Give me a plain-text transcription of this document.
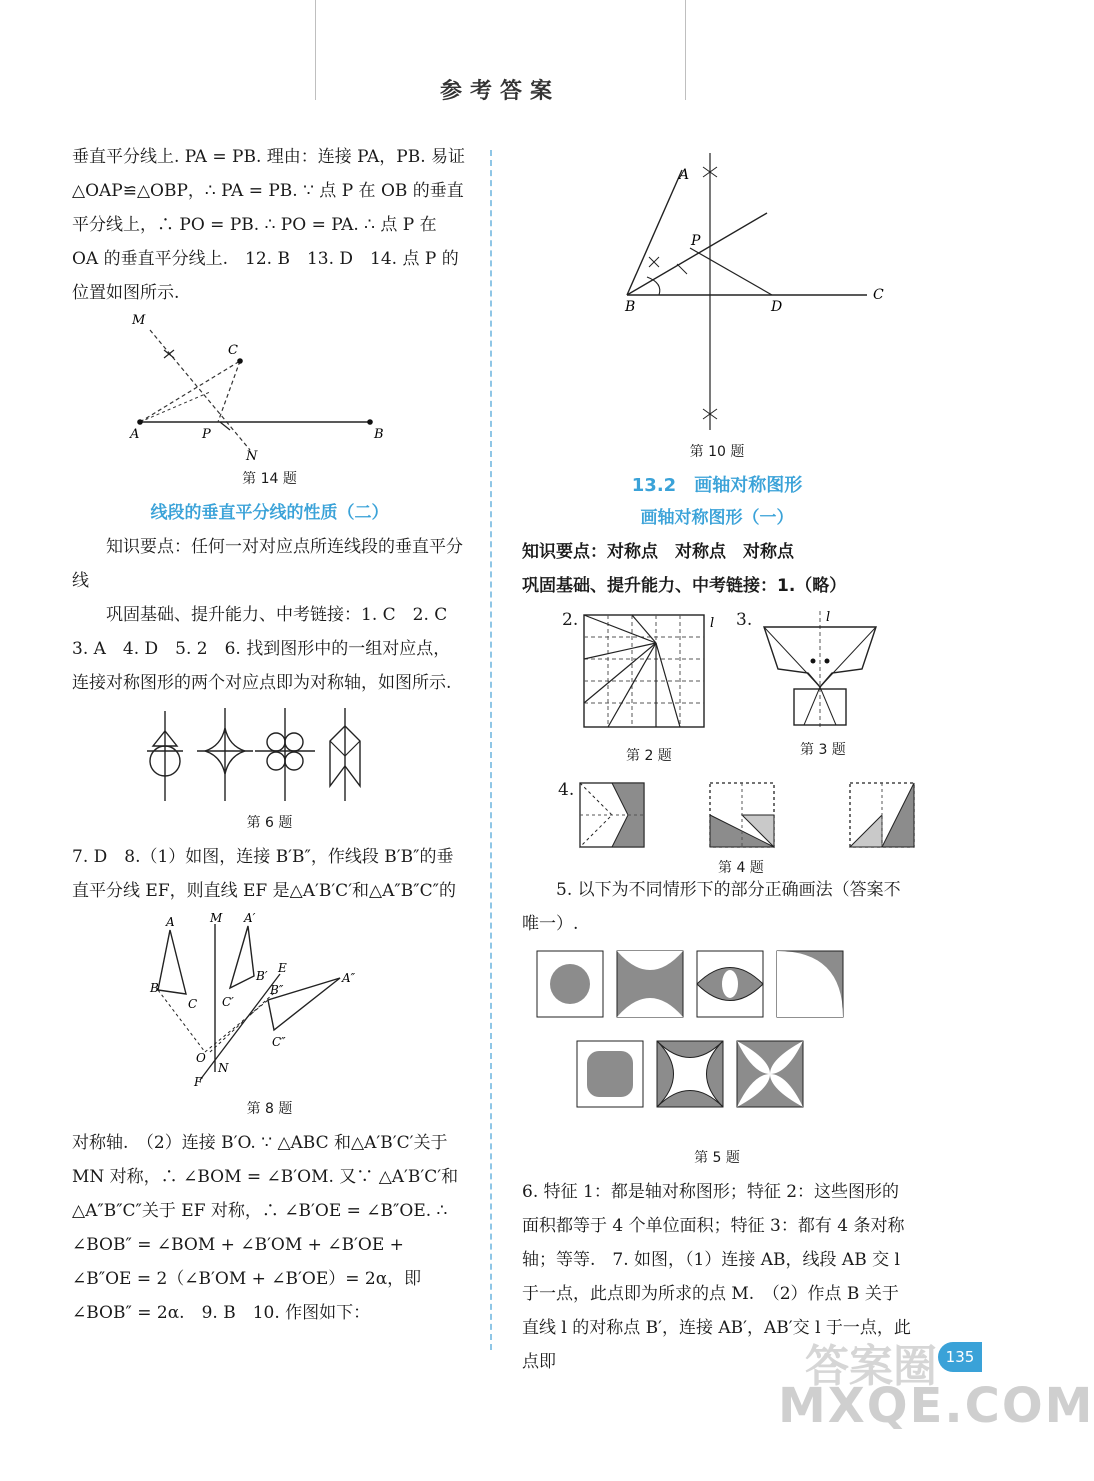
参考答案

垂直平分线上. PA = PB. 理由：连接 PA，PB. 易证 △OAP≌△OBP，∴ PA = PB. ∵ 点 P 在 OB 的垂直平分线上，∴ PO = PB. ∴ PO = PA. ∴ 点 P 在 OA 的垂直平分线上.　12. B　13. D　14. 点 P 的位置如图所示.

M
C
A	P	B
N

第 14 题

线段的垂直平分线的性质（二）

知识要点：任何一对对应点所连线段的垂直平分线

巩固基础、提升能力、中考链接：1. C　2. C

3. A　4. D　5. 2　6. 找到图形中的一组对应点，连接对称图形的两个对应点即为对称轴，如图所示.

第 6 题

7. D　8.（1）如图，连接 B′B″，作线段 B′B″的垂直平分线 EF，则直线 EF 是△A′B′C′和△A″B″C″的

A	M A′
E
B′
B″
A″
B
C C′
C″
O
N
F

第 8 题

对称轴.　（2）连接 B′O. ∵ △ABC 和△A′B′C′关于 MN 对称，∴ ∠BOM = ∠B′OM. 又∵ △A′B′C′和△A″B″C″关于 EF 对称，∴ ∠B′OE = ∠B″OE. ∴ ∠BOB″ = ∠BOM + ∠B′OM + ∠B′OE + ∠B″OE = 2（∠B′OM + ∠B′OE）= 2α，即∠BOB″ = 2α.　9. B　10. 作图如下：

A
P
B	D
C

第 10 题

13.2　画轴对称图形

画轴对称图形（一）

知识要点：对称点　对称点　对称点

巩固基础、提升能力、中考链接：1.（略）

2.	l
第 2 题
3.	l
第 3 题
4.
第 4 题

5. 以下为不同情形下的部分正确画法（答案不唯一）.

第 5 题

6. 特征 1：都是轴对称图形；特征 2：这些图形的面积都等于 4 个单位面积；特征 3：都有 4 条对称轴；等等.　7. 如图，（1）连接 AB，线段 AB 交 l 于一点，此点即为所求的点 M.　（2）作点 B 关于直线 l 的对称点 B′，连接 AB′，AB′交 l 于一点，此点即	答案圈 135
MXQE.COM
